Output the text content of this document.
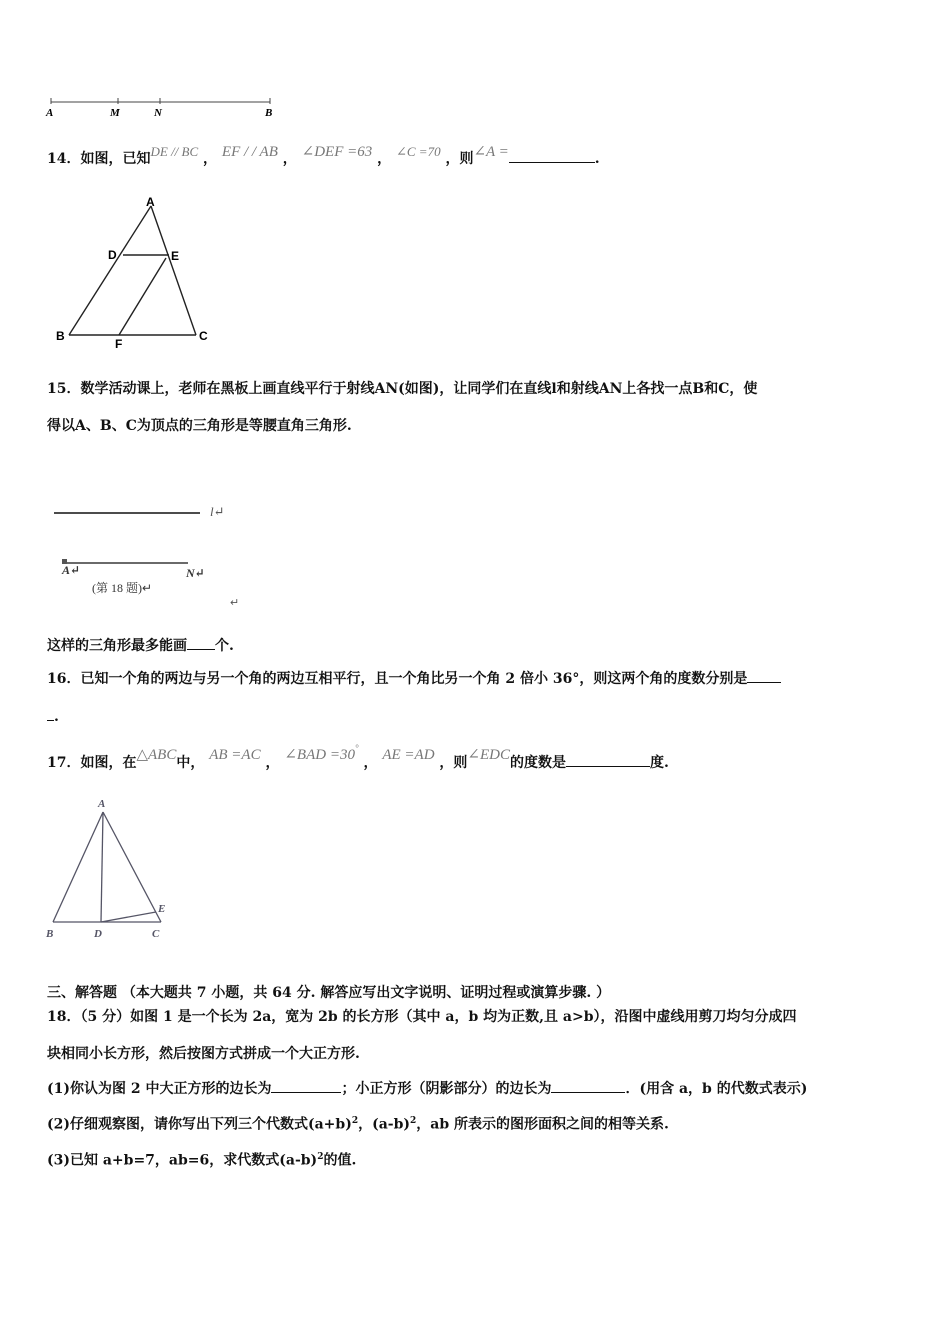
A	M	N	B
14．如图，已知DE // BC ， EF / / AB ， ∠DEF =63 ， ∠C =70 ，则∠A =	.
A
D	E
B
F
C
15．数学活动课上，老师在黑板上画直线平行于射线AN(如图)，让同学们在直线l和射线AN上各找一点B和C，使
得以A、B、C为顶点的三角形是等腰直角三角形.
l↵
A↵	N↵
(第 18 题)↵
↵
这样的三角形最多能画 个.
16．已知一个角的两边与另一个角的两边互相平行，且一个角比另一个角 2 倍小 36°，则这两个角的度数分别是
.
17．如图，在△ABC中， AB =AC ， ∠BAD =30° ， AE =AD ，则∠EDC的度数是	度.
A
B	D	C
E
三、解答题 （本大题共 7 小题，共 64 分. 解答应写出文字说明、证明过程或演算步骤. ）
18．（5 分）如图 1 是一个长为 2a，宽为 2b 的长方形（其中 a，b 均为正数,且 a>b），沿图中虚线用剪刀均匀分成四
块相同小长方形，然后按图方式拼成一个大正方形.
(1)你认为图 2 中大正方形的边长为	；小正方形（阴影部分）的边长为	．(用含 a，b 的代数式表示)
(2)仔细观察图，请你写出下列三个代数式$(a+b)^2$，$(a-b)^2$，ab 所表示的图形面积之间的相等关系.
(3)已知 a+b=7，ab=6，求代数式$(a-b)^2$的值.
